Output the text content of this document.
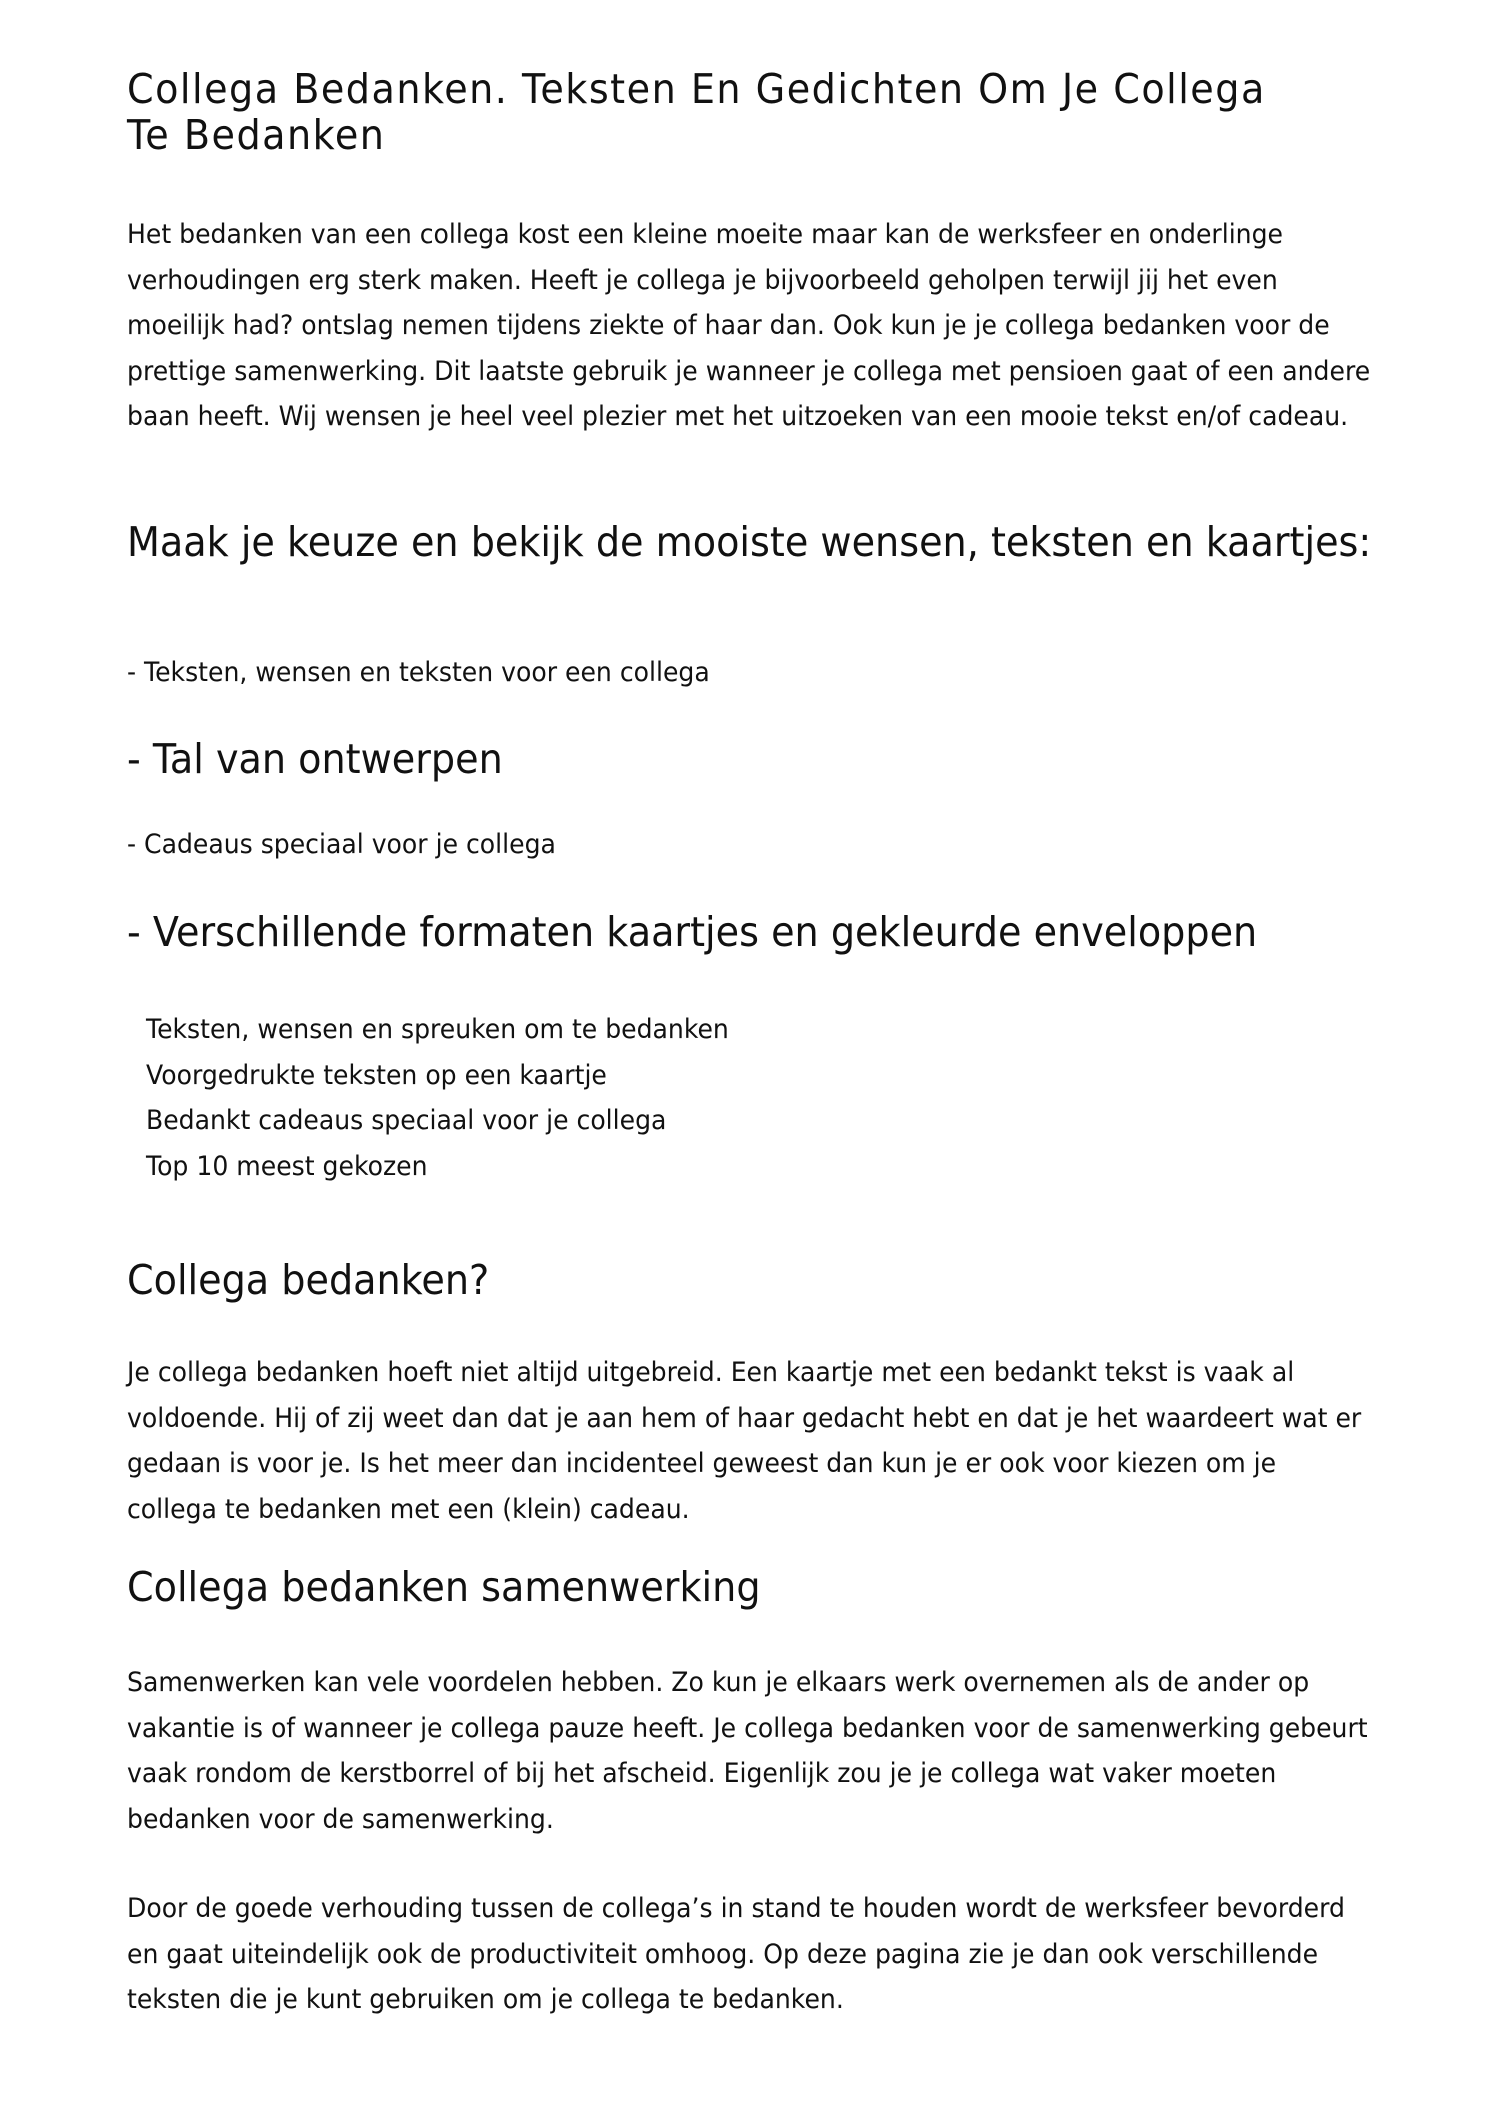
Collega Bedanken. Teksten En Gedichten Om Je Collega Te Bedanken

Het bedanken van een collega kost een kleine moeite maar kan de werksfeer en onderlinge verhoudingen erg sterk maken. Heeft je collega je bijvoorbeeld geholpen terwijl jij het even moeilijk had? ontslag nemen tijdens ziekte of haar dan. Ook kun je je collega bedanken voor de prettige samenwerking. Dit laatste gebruik je wanneer je collega met pensioen gaat of een andere baan heeft. Wij wensen je heel veel plezier met het uitzoeken van een mooie tekst en/of cadeau.

Maak je keuze en bekijk de mooiste wensen, teksten en kaartjes:

- Teksten, wensen en teksten voor een collega

- Tal van ontwerpen

- Cadeaus speciaal voor je collega

- Verschillende formaten kaartjes en gekleurde enveloppen
Teksten, wensen en spreuken om te bedanken
Voorgedrukte teksten op een kaartje
Bedankt cadeaus speciaal voor je collega
Top 10 meest gekozen
Collega bedanken?

Je collega bedanken hoeft niet altijd uitgebreid. Een kaartje met een bedankt tekst is vaak al voldoende. Hij of zij weet dan dat je aan hem of haar gedacht hebt en dat je het waardeert wat er gedaan is voor je. Is het meer dan incidenteel geweest dan kun je er ook voor kiezen om je collega te bedanken met een (klein) cadeau.

Collega bedanken samenwerking

Samenwerken kan vele voordelen hebben. Zo kun je elkaars werk overnemen als de ander op vakantie is of wanneer je collega pauze heeft. Je collega bedanken voor de samenwerking gebeurt vaak rondom de kerstborrel of bij het afscheid. Eigenlijk zou je je collega wat vaker moeten bedanken voor de samenwerking.

Door de goede verhouding tussen de collega’s in stand te houden wordt de werksfeer bevorderd en gaat uiteindelijk ook de productiviteit omhoog. Op deze pagina zie je dan ook verschillende teksten die je kunt gebruiken om je collega te bedanken.
